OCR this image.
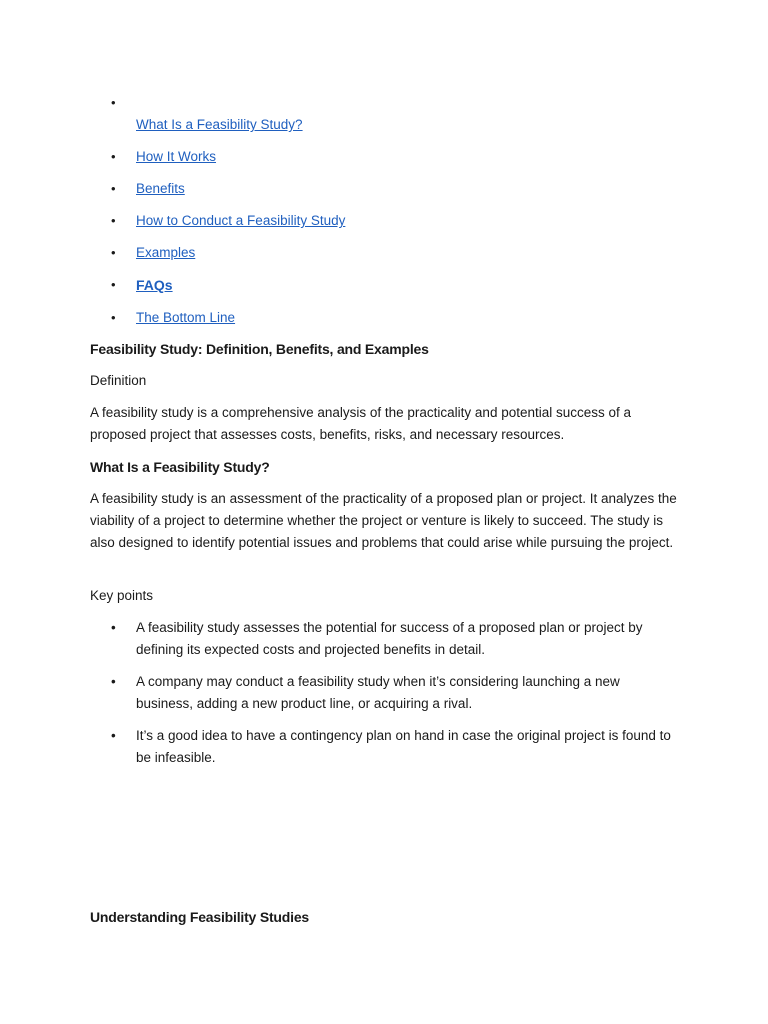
•
What Is a Feasibility Study?
• How It Works
• Benefits
• How to Conduct a Feasibility Study
• Examples
• FAQs
• The Bottom Line
Feasibility Study: Definition, Benefits, and Examples

Definition

A feasibility study is a comprehensive analysis of the practicality and potential success of a proposed project that assesses costs, benefits, risks, and necessary resources.

What Is a Feasibility Study?

A feasibility study is an assessment of the practicality of a proposed plan or project. It analyzes the viability of a project to determine whether the project or venture is likely to succeed. The study is also designed to identify potential issues and problems that could arise while pursuing the project.

Key points

• A feasibility study assesses the potential for success of a proposed plan or project by defining its expected costs and projected benefits in detail.
• A company may conduct a feasibility study when it’s considering launching a new business, adding a new product line, or acquiring a rival.
• It’s a good idea to have a contingency plan on hand in case the original project is found to be infeasible.
Understanding Feasibility Studies
